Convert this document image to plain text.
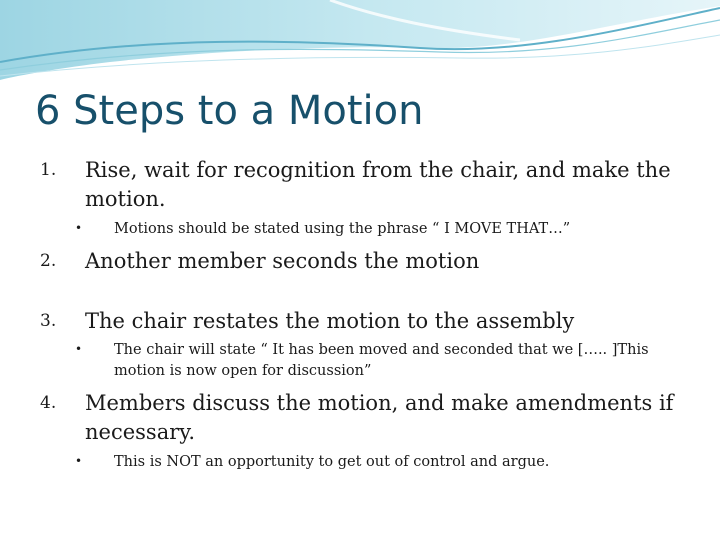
6 Steps to a Motion
1. Rise, wait for recognition from the chair, and make the motion.
• Motions should be stated using the phrase “ I MOVE THAT…”
2. Another member seconds the motion
3. The chair restates the motion to the assembly
• The chair will state “ It has been moved and seconded that we [….. ]This motion is now open for discussion”
4. Members discuss the motion, and make amendments if necessary.
• This is NOT an opportunity to get out of control and argue.
